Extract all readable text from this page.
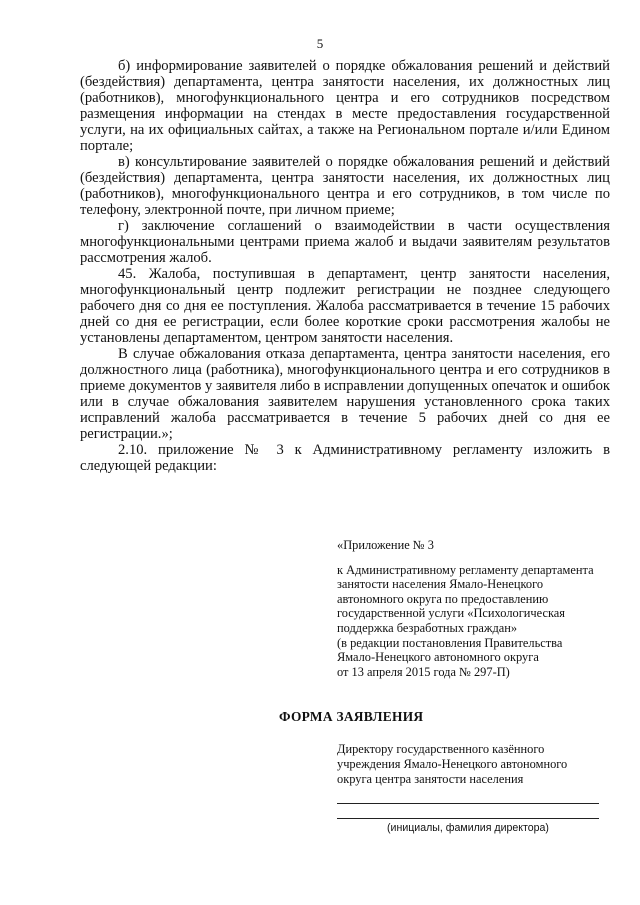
5

б) информирование заявителей о порядке обжалования решений и действий (бездействия) департамента, центра занятости населения, их должностных лиц (работников), многофункционального центра и его сотрудников посредством размещения информации на стендах в месте предоставления государственной услуги, на их официальных сайтах, а также на Региональном портале и/или Едином портале;

в) консультирование заявителей о порядке обжалования решений и действий (бездействия) департамента, центра занятости населения, их должностных лиц (работников), многофункционального центра и его сотрудников, в том числе по телефону, электронной почте, при личном приеме;

г) заключение соглашений о взаимодействии в части осуществления многофункциональными центрами приема жалоб и выдачи заявителям результатов рассмотрения жалоб.

45. Жалоба, поступившая в департамент, центр занятости населения, многофункциональный центр подлежит регистрации не позднее следующего рабочего дня со дня ее поступления. Жалоба рассматривается в течение 15 рабочих дней со дня ее регистрации, если более короткие сроки рассмотрения жалобы не установлены департаментом, центром занятости населения.

В случае обжалования отказа департамента, центра занятости населения, его должностного лица (работника), многофункционального центра и его сотрудников в приеме документов у заявителя либо в исправлении допущенных опечаток и ошибок или в случае обжалования заявителем нарушения установленного срока таких исправлений жалоба рассматривается в течение 5 рабочих дней со дня ее регистрации.»;

2.10. приложение № 3 к Административному регламенту изложить в следующей редакции:

«Приложение № 3

к Административному регламенту департамента

занятости населения Ямало-Ненецкого

автономного округа по предоставлению

государственной услуги «Психологическая

поддержка безработных граждан»

(в редакции постановления Правительства

Ямало-Ненецкого автономного округа

от 13 апреля 2015 года № 297-П)

ФОРМА ЗАЯВЛЕНИЯ

Директору государственного казённого

учреждения Ямало-Ненецкого автономного

округа центра занятости населения

(инициалы, фамилия директора)
